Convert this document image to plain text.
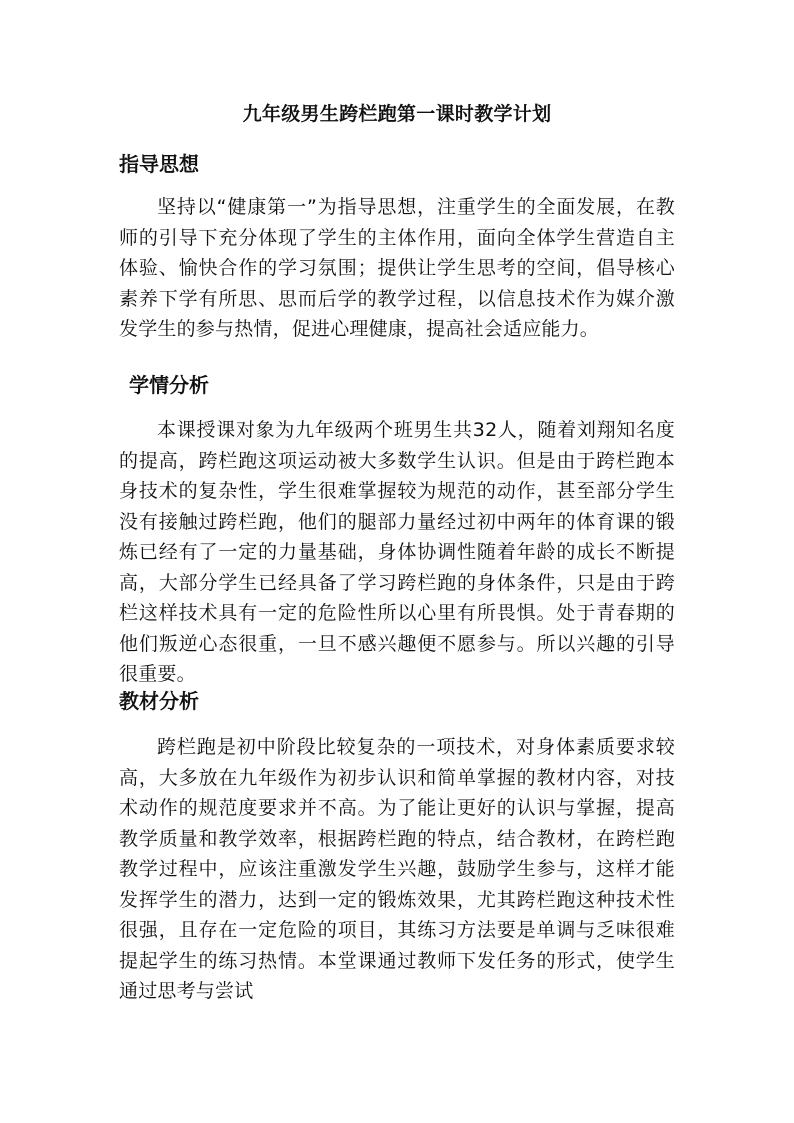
九年级男生跨栏跑第一课时教学计划
指导思想

坚持以“健康第一”为指导思想，注重学生的全面发展，在教师的引导下充分体现了学生的主体作用，面向全体学生营造自主体验、愉快合作的学习氛围；提供让学生思考的空间，倡导核心素养下学有所思、思而后学的教学过程，以信息技术作为媒介激发学生的参与热情，促进心理健康，提高社会适应能力。

学情分析

本课授课对象为九年级两个班男生共32人，随着刘翔知名度的提高，跨栏跑这项运动被大多数学生认识。但是由于跨栏跑本身技术的复杂性，学生很难掌握较为规范的动作，甚至部分学生没有接触过跨栏跑，他们的腿部力量经过初中两年的体育课的锻炼已经有了一定的力量基础，身体协调性随着年龄的成长不断提高，大部分学生已经具备了学习跨栏跑的身体条件，只是由于跨栏这样技术具有一定的危险性所以心里有所畏惧。处于青春期的他们叛逆心态很重，一旦不感兴趣便不愿参与。所以兴趣的引导很重要。

教材分析

跨栏跑是初中阶段比较复杂的一项技术，对身体素质要求较高，大多放在九年级作为初步认识和简单掌握的教材内容，对技术动作的规范度要求并不高。为了能让更好的认识与掌握，提高教学质量和教学效率，根据跨栏跑的特点，结合教材，在跨栏跑教学过程中，应该注重激发学生兴趣，鼓励学生参与，这样才能发挥学生的潜力，达到一定的锻炼效果，尤其跨栏跑这种技术性很强，且存在一定危险的项目，其练习方法要是单调与乏味很难提起学生的练习热情。本堂课通过教师下发任务的形式，使学生通过思考与尝试
